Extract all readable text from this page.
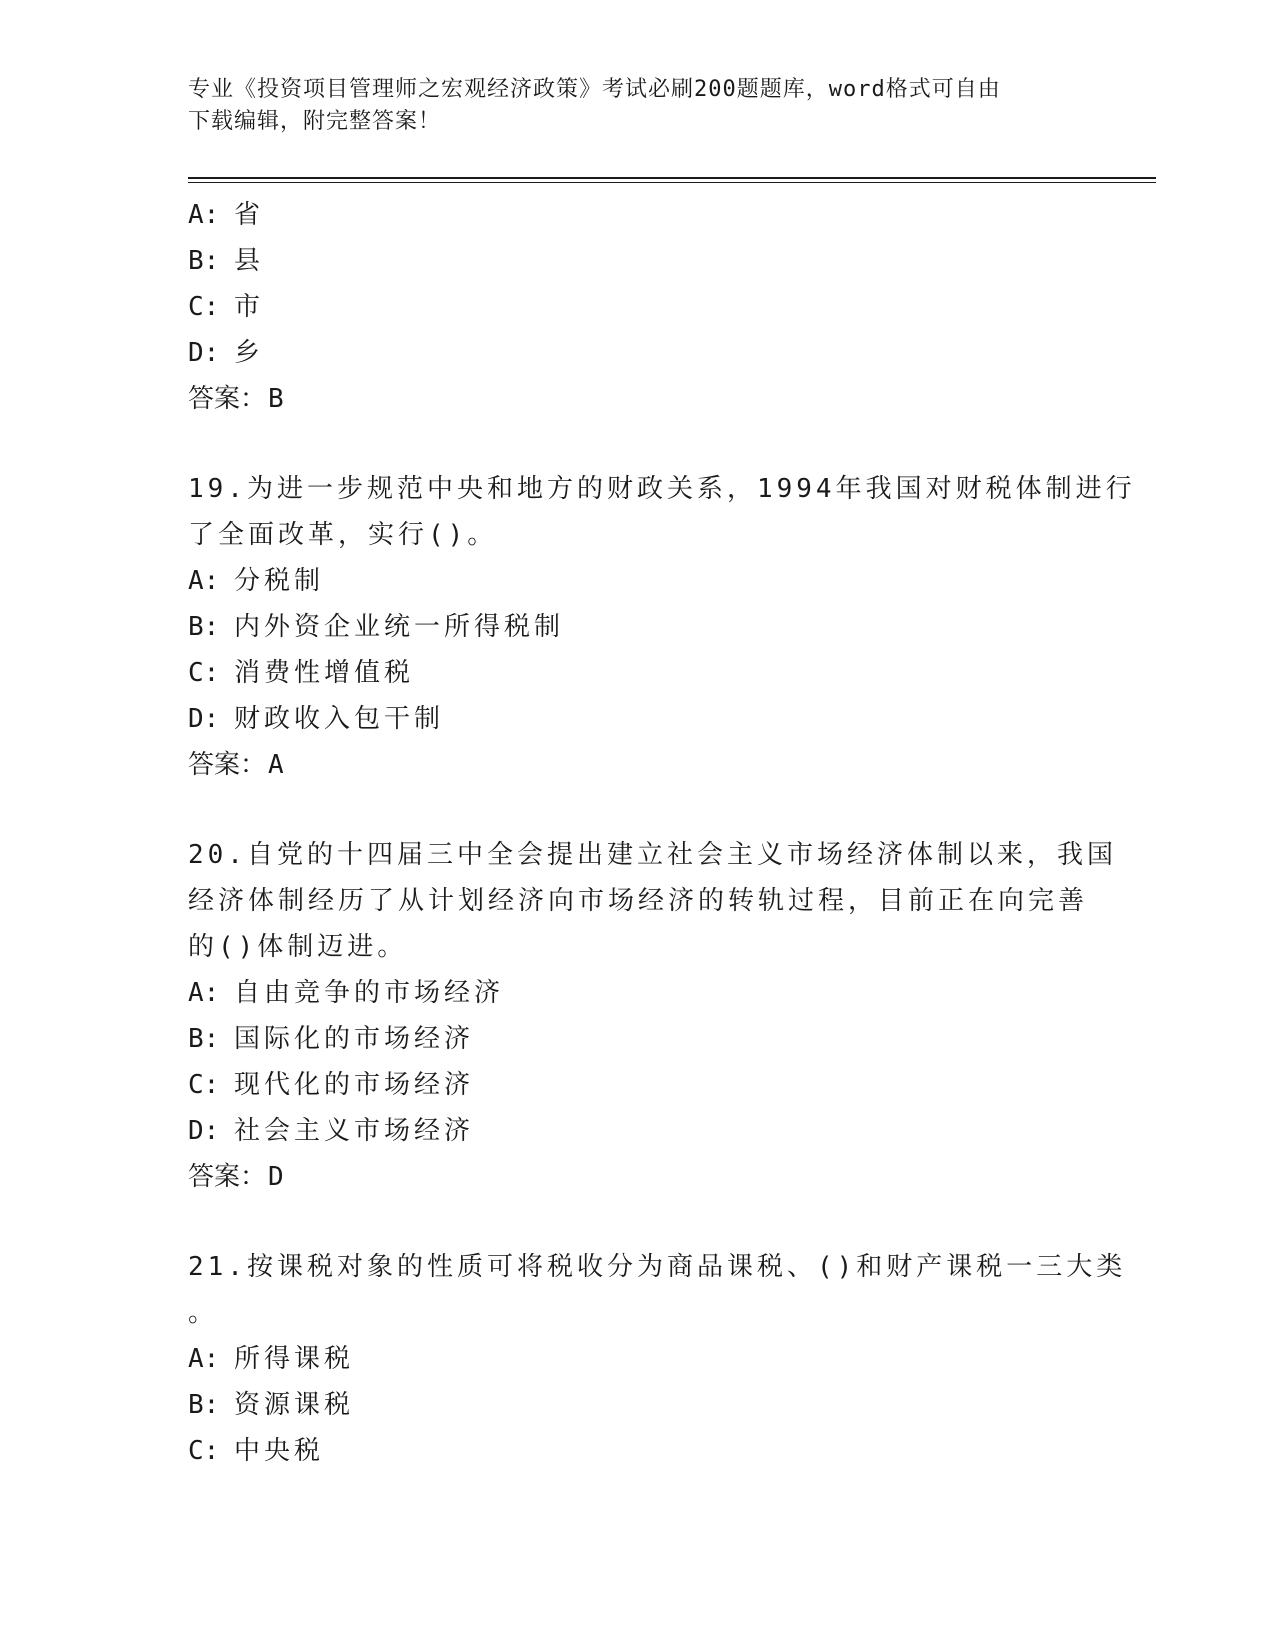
专业《投资项目管理师之宏观经济政策》考试必刷200题题库，word格式可自由
下载编辑，附完整答案！
A: 省
B: 县
C: 市
D: 乡
答案：B
19.为进一步规范中央和地方的财政关系，1994年我国对财税体制进行
了全面改革，实行()。
A: 分税制
B: 内外资企业统一所得税制
C: 消费性增值税
D: 财政收入包干制
答案：A
20.自党的十四届三中全会提出建立社会主义市场经济体制以来，我国
经济体制经历了从计划经济向市场经济的转轨过程，目前正在向完善
的()体制迈进。
A: 自由竞争的市场经济
B: 国际化的市场经济
C: 现代化的市场经济
D: 社会主义市场经济
答案：D
21.按课税对象的性质可将税收分为商品课税、()和财产课税一三大类
。
A: 所得课税
B: 资源课税
C: 中央税
